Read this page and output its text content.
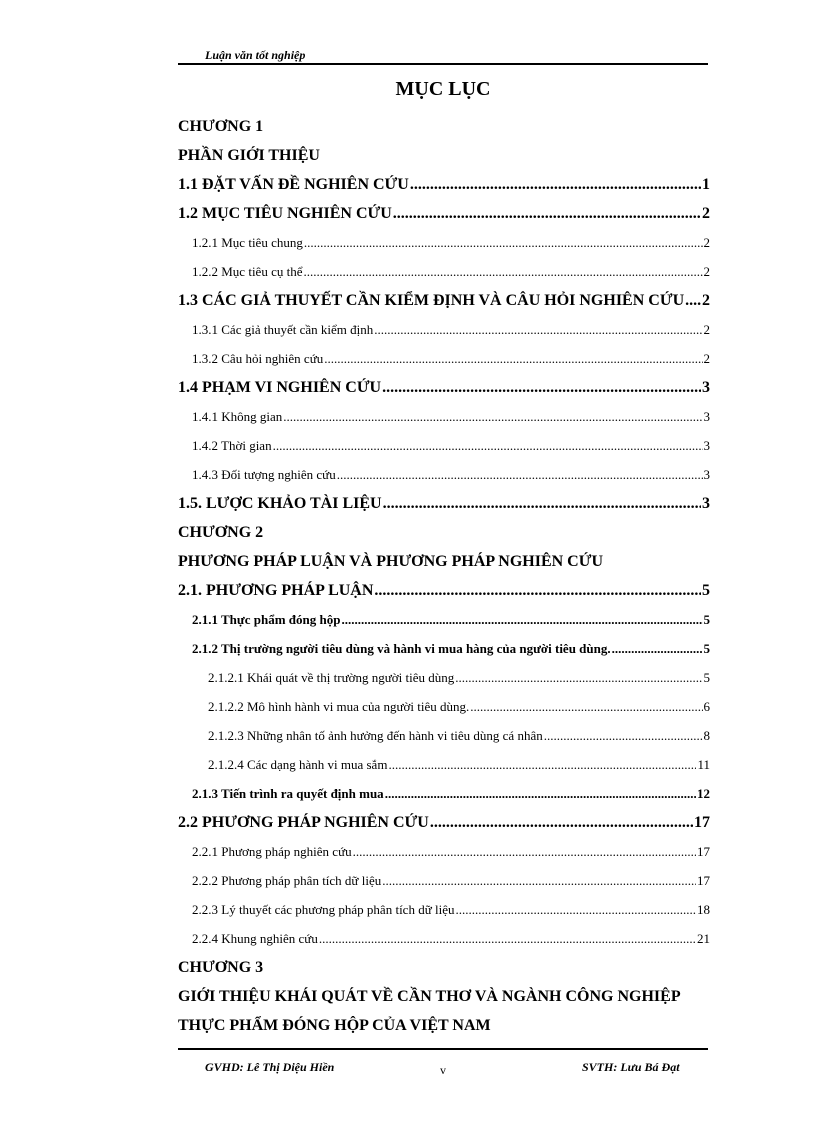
Luận văn tốt nghiệp
MỤC LỤC
CHƯƠNG 1
PHẦN GIỚI THIỆU
1.1 ĐẶT VẤN ĐỀ NGHIÊN CỨU .....	1
1.2 MỤC TIÊU NGHIÊN CỨU .....	2
1.2.1 Mục tiêu chung .....	2
1.2.2 Mục tiêu cụ thể .....	2
1.3 CÁC GIẢ THUYẾT CẦN KIỂM ĐỊNH VÀ CÂU HỎI NGHIÊN CỨU ..... 2
1.3.1 Các giả thuyết cần kiểm định .....	2
1.3.2 Câu hỏi nghiên cứu .....	2
1.4 PHẠM VI NGHIÊN CỨU .....	3
1.4.1 Không gian .....	3
1.4.2 Thời gian .....	3
1.4.3 Đối tượng nghiên cứu .....	3
1.5. LƯỢC KHẢO TÀI LIỆU .....	3
CHƯƠNG 2
PHƯƠNG PHÁP LUẬN VÀ PHƯƠNG PHÁP NGHIÊN CỨU
2.1. PHƯƠNG PHÁP LUẬN .....	5
2.1.1 Thực phẩm đóng hộp .....	5
2.1.2 Thị trường người tiêu dùng và hành vi mua hàng của người tiêu dùng. .....	5
2.1.2.1 Khái quát về thị trường người tiêu dùng .....	5
2.1.2.2 Mô hình hành vi mua của người tiêu dùng. .....	6
2.1.2.3 Những nhân tố ảnh hưởng đến hành vi tiêu dùng cá nhân .....	8
2.1.2.4 Các dạng hành vi mua sắm .....	11
2.1.3 Tiến trình ra quyết định mua .....	12
2.2 PHƯƠNG PHÁP NGHIÊN CỨU .....	17
2.2.1 Phương pháp nghiên cứu .....	17
2.2.2 Phương pháp phân tích dữ liệu .....	17
2.2.3 Lý thuyết các phương pháp phân tích dữ liệu .....	18
2.2.4 Khung nghiên cứu .....	21
CHƯƠNG 3
GIỚI THIỆU KHÁI QUÁT VỀ CẦN THƠ VÀ NGÀNH CÔNG NGHIỆP
THỰC PHẨM ĐÓNG HỘP CỦA VIỆT NAM
GVHD: Lê Thị Diệu Hiền	v	SVTH: Lưu Bá Đạt
